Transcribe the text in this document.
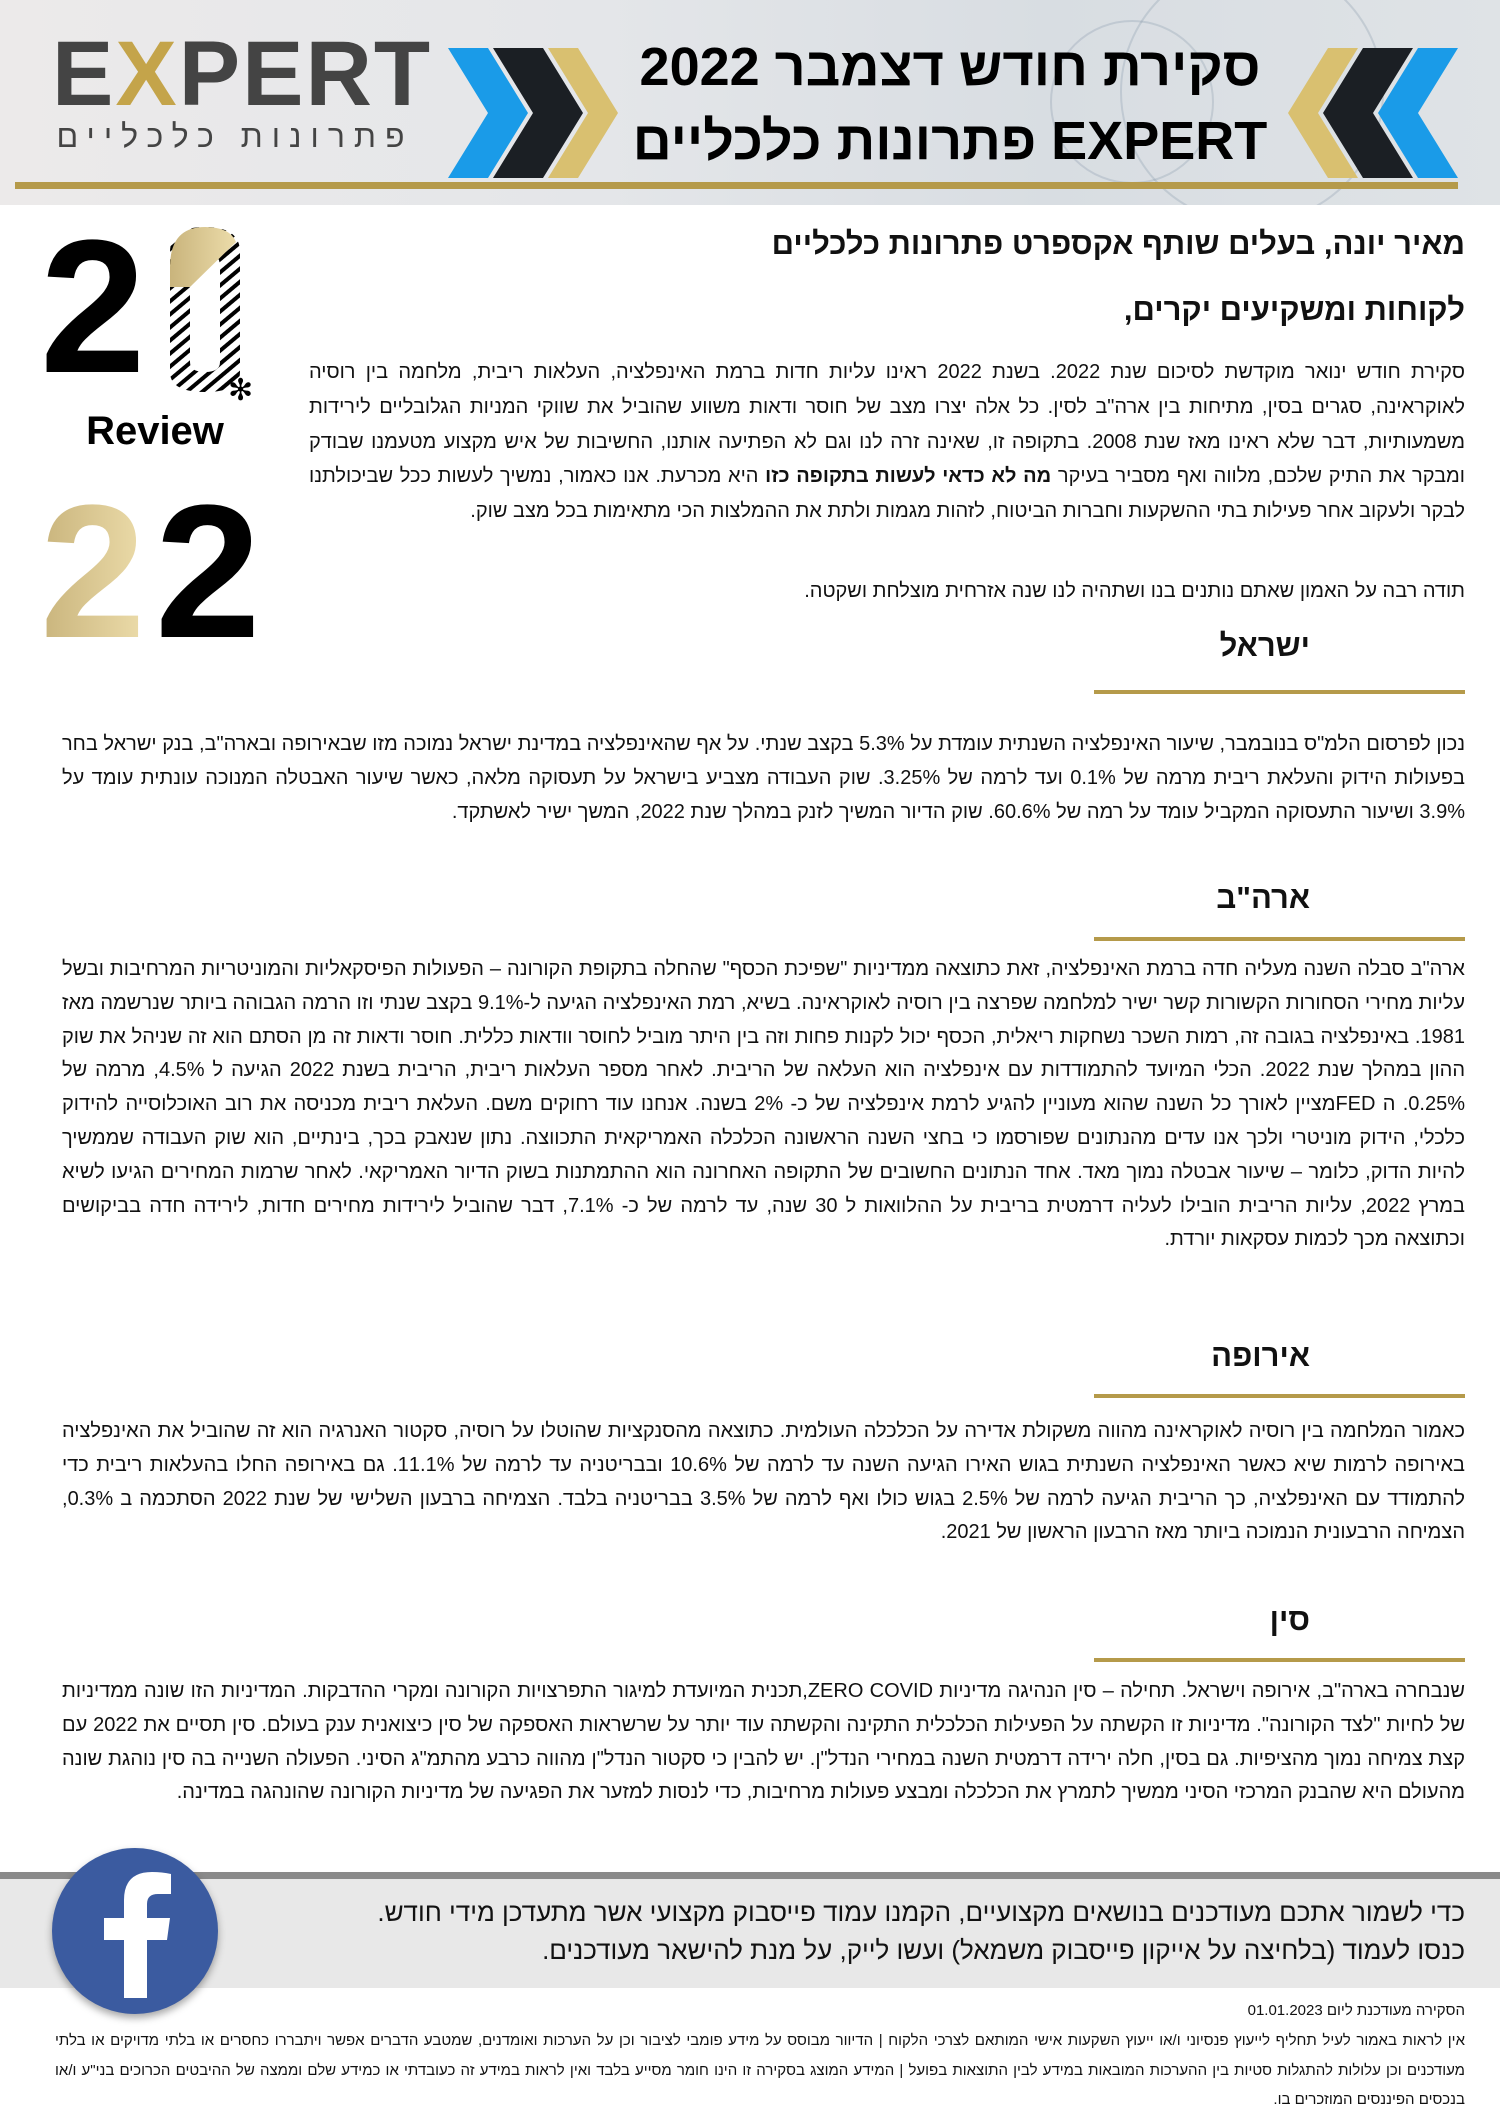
EXPERT
פתרונות כלכליים
סקירת חודש דצמבר 2022
EXPERT פתרונות כלכליים
2	✻
Review
2 2
מאיר יונה, בעלים שותף אקספרט פתרונות כלכליים
לקוחות ומשקיעים יקרים,
סקירת חודש ינואר מוקדשת לסיכום שנת 2022. בשנת 2022 ראינו עליות חדות ברמת האינפלציה, העלאות ריבית, מלחמה בין רוסיה לאוקראינה, סגרים בסין, מתיחות בין ארה"ב לסין. כל אלה יצרו מצב של חוסר ודאות משווע שהוביל את שווקי המניות הגלובליים לירידות משמעותיות, דבר שלא ראינו מאז שנת 2008. בתקופה זו, שאינה זרה לנו וגם לא הפתיעה אותנו, החשיבות של איש מקצוע מטעמנו שבודק ומבקר את התיק שלכם, מלווה ואף מסביר בעיקר מה לא כדאי לעשות בתקופה כזו היא מכרעת. אנו כאמור, נמשיך לעשות ככל שביכולתנו לבקר ולעקוב אחר פעילות בתי ההשקעות וחברות הביטוח, לזהות מגמות ולתת את ההמלצות הכי מתאימות בכל מצב שוק.
תודה רבה על האמון שאתם נותנים בנו ושתהיה לנו שנה אזרחית מוצלחת ושקטה.
ישראל
נכון לפרסום הלמ"ס בנובמבר, שיעור האינפלציה השנתית עומדת על 5.3% בקצב שנתי. על אף שהאינפלציה במדינת ישראל נמוכה מזו שבאירופה ובארה"ב, בנק ישראל בחר בפעולות הידוק והעלאת ריבית מרמה של 0.1% ועד לרמה של 3.25%. שוק העבודה מצביע בישראל על תעסוקה מלאה, כאשר שיעור האבטלה המנוכה עונתית עומד על 3.9% ושיעור התעסוקה המקביל עומד על רמה של 60.6%. שוק הדיור המשיך לזנק במהלך שנת 2022, המשך ישיר לאשתקד.
ארה"ב
ארה"ב סבלה השנה מעליה חדה ברמת האינפלציה, זאת כתוצאה ממדיניות "שפיכת הכסף" שהחלה בתקופת הקורונה – הפעולות הפיסקאליות והמוניטריות המרחיבות ובשל עליות מחירי הסחורות הקשורות קשר ישיר למלחמה שפרצה בין רוסיה לאוקראינה. בשיא, רמת האינפלציה הגיעה ל-9.1% בקצב שנתי וזו הרמה הגבוהה ביותר שנרשמה מאז 1981. באינפלציה בגובה זה, רמות השכר נשחקות ריאלית, הכסף יכול לקנות פחות וזה בין היתר מוביל לחוסר וודאות כללית. חוסר ודאות זה מן הסתם הוא זה שניהל את שוק ההון במהלך שנת 2022. הכלי המיועד להתמודדות עם אינפלציה הוא העלאה של הריבית. לאחר מספר העלאות ריבית, הריבית בשנת 2022 הגיעה ל 4.5%, מרמה של 0.25%. ה FEDמציין לאורך כל השנה שהוא מעוניין להגיע לרמת אינפלציה של כ- 2% בשנה. אנחנו עוד רחוקים משם. העלאת ריבית מכניסה את רוב האוכלוסייה להידוק כלכלי, הידוק מוניטרי ולכך אנו עדים מהנתונים שפורסמו כי בחצי השנה הראשונה הכלכלה האמריקאית התכווצה. נתון שנאבק בכך, בינתיים, הוא שוק העבודה שממשיך להיות הדוק, כלומר – שיעור אבטלה נמוך מאד. אחד הנתונים החשובים של התקופה האחרונה הוא ההתמתנות בשוק הדיור האמריקאי. לאחר שרמות המחירים הגיעו לשיא במרץ 2022, עליות הריבית הובילו לעליה דרמטית בריבית על ההלוואות ל 30 שנה, עד לרמה של כ- 7.1%, דבר שהוביל לירידות מחירים חדות, לירידה חדה בביקושים וכתוצאה מכך לכמות עסקאות יורדת.
אירופה
כאמור המלחמה בין רוסיה לאוקראינה מהווה משקולת אדירה על הכלכלה העולמית. כתוצאה מהסנקציות שהוטלו על רוסיה, סקטור האנרגיה הוא זה שהוביל את האינפלציה באירופה לרמות שיא כאשר האינפלציה השנתית בגוש האירו הגיעה השנה עד לרמה של 10.6% ובבריטניה עד לרמה של 11.1%. גם באירופה החלו בהעלאות ריבית כדי להתמודד עם האינפלציה, כך הריבית הגיעה לרמה של 2.5% בגוש כולו ואף לרמה של 3.5% בבריטניה בלבד. הצמיחה ברבעון השלישי של שנת 2022 הסתכמה ב 0.3%, הצמיחה הרבעונית הנמוכה ביותר מאז הרבעון הראשון של 2021.
סין
שנבחרה בארה"ב, אירופה וישראל. תחילה – סין הנהיגה מדיניות ZERO COVID,תכנית המיועדת למיגור התפרצויות הקורונה ומקרי ההדבקות. המדיניות הזו שונה ממדיניות של לחיות "לצד הקורונה". מדיניות זו הקשתה על הפעילות הכלכלית התקינה והקשתה עוד יותר על שרשראות האספקה של סין כיצואנית ענק בעולם. סין תסיים את 2022 עם קצת צמיחה נמוך מהציפיות. גם בסין, חלה ירידה דרמטית השנה במחירי הנדל"ן. יש להבין כי סקטור הנדל"ן מהווה כרבע מהתמ"ג הסיני. הפעולה השנייה בה סין נוהגת שונה מהעולם היא שהבנק המרכזי הסיני ממשיך לתמרץ את הכלכלה ומבצע פעולות מרחיבות, כדי לנסות למזער את הפגיעה של מדיניות הקורונה שהונהגה במדינה.
כדי לשמור אתכם מעודכנים בנושאים מקצועיים, הקמנו עמוד פייסבוק מקצועי אשר מתעדכן מידי חודש.
כנסו לעמוד (בלחיצה על אייקון פייסבוק משמאל) ועשו לייק, על מנת להישאר מעודכנים.
הסקירה מעודכנת ליום 01.01.2023
אין לראות באמור לעיל תחליף לייעוץ פנסיוני ו/או ייעוץ השקעות אישי המותאם לצרכי הלקוח | הדיוור מבוסס על מידע פומבי לציבור וכן על הערכות ואומדנים, שמטבע הדברים אפשר ויתבררו כחסרים או בלתי מדויקים או בלתי מעודכנים וכן עלולות להתגלות סטיות בין ההערכות המובאות במידע לבין התוצאות בפועל | המידע המוצג בסקירה זו הינו חומר מסייע בלבד ואין לראות במידע זה כעובדתי או כמידע שלם וממצה של ההיבטים הכרוכים בני"ע ו/או בנכסים הפיננסים המוזכרים בו.
